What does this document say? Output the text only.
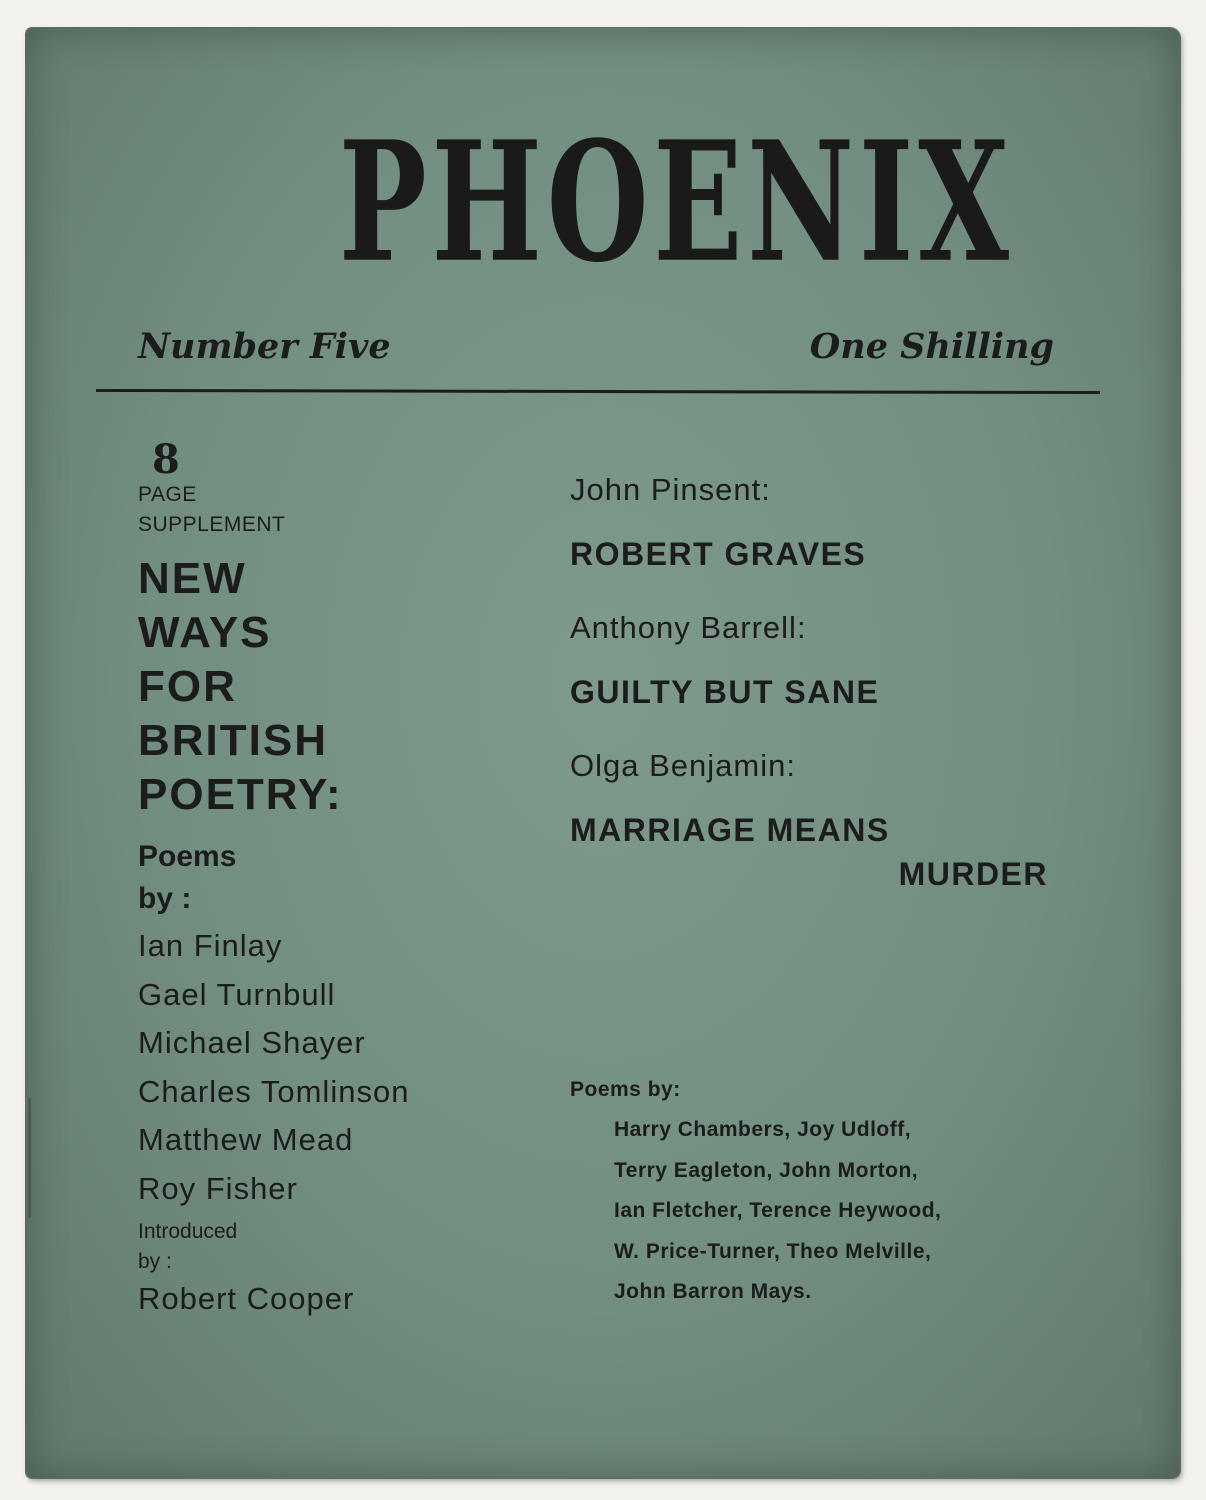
PHOENIX
Number Five	One Shilling
8
PAGE
SUPPLEMENT
NEW
WAYS
FOR
BRITISH
POETRY:
Poems
by :
Ian Finlay
Gael Turnbull
Michael Shayer
Charles Tomlinson
Matthew Mead
Roy Fisher
Introduced
by :
Robert Cooper
John Pinsent:
ROBERT GRAVES
Anthony Barrell:
GUILTY BUT SANE
Olga Benjamin:
MARRIAGE MEANS
MURDER
Poems by:
Harry Chambers, Joy Udloff,
Terry Eagleton, John Morton,
Ian Fletcher, Terence Heywood,
W. Price-Turner, Theo Melville,
John Barron Mays.
